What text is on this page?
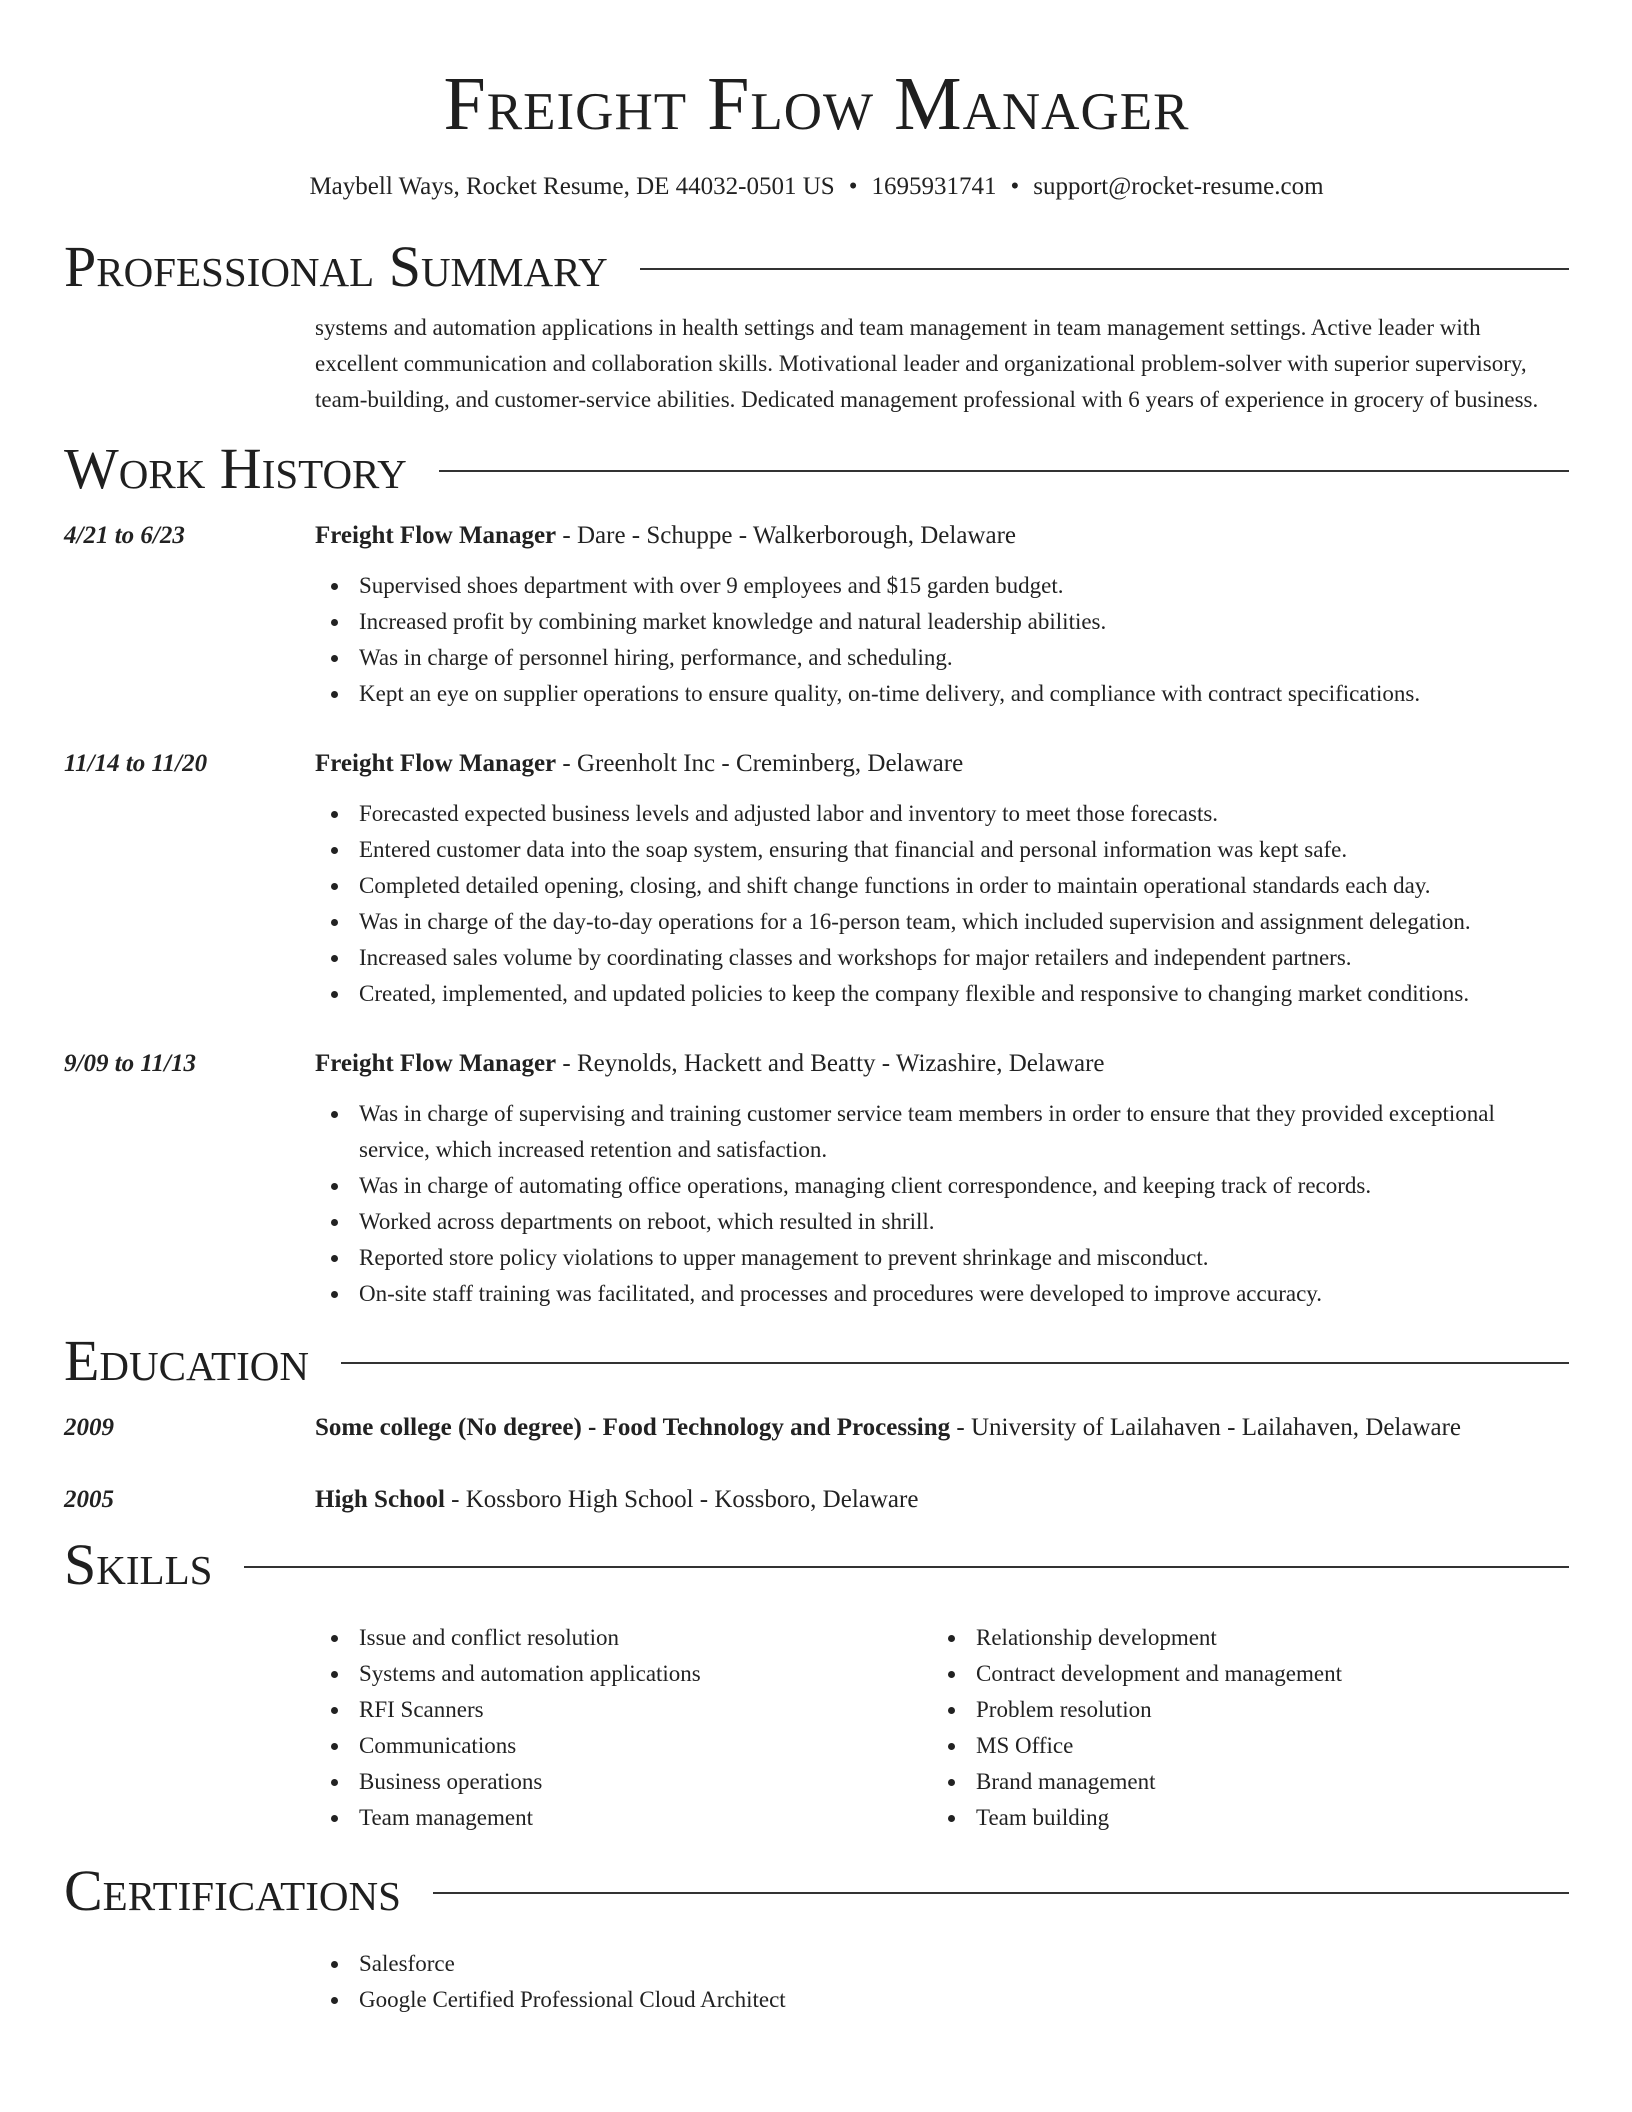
Freight Flow Manager
Maybell Ways, Rocket Resume, DE 44032-0501 US • 1695931741 • support@rocket-resume.com
Professional Summary
systems and automation applications in health settings and team management in team management settings. Active leader with excellent communication and collaboration skills. Motivational leader and organizational problem-solver with superior supervisory, team-building, and customer-service abilities. Dedicated management professional with 6 years of experience in grocery of business.
Work History
4/21 to 6/23	Freight Flow Manager - Dare - Schuppe - Walkerborough, Delaware
Supervised shoes department with over 9 employees and $15 garden budget.
Increased profit by combining market knowledge and natural leadership abilities.
Was in charge of personnel hiring, performance, and scheduling.
Kept an eye on supplier operations to ensure quality, on-time delivery, and compliance with contract specifications.
11/14 to 11/20	Freight Flow Manager - Greenholt Inc - Creminberg, Delaware
Forecasted expected business levels and adjusted labor and inventory to meet those forecasts.
Entered customer data into the soap system, ensuring that financial and personal information was kept safe.
Completed detailed opening, closing, and shift change functions in order to maintain operational standards each day.
Was in charge of the day-to-day operations for a 16-person team, which included supervision and assignment delegation.
Increased sales volume by coordinating classes and workshops for major retailers and independent partners.
Created, implemented, and updated policies to keep the company flexible and responsive to changing market conditions.
9/09 to 11/13	Freight Flow Manager - Reynolds, Hackett and Beatty - Wizashire, Delaware
Was in charge of supervising and training customer service team members in order to ensure that they provided exceptional service, which increased retention and satisfaction.
Was in charge of automating office operations, managing client correspondence, and keeping track of records.
Worked across departments on reboot, which resulted in shrill.
Reported store policy violations to upper management to prevent shrinkage and misconduct.
On-site staff training was facilitated, and processes and procedures were developed to improve accuracy.
Education
2009	Some college (No degree) - Food Technology and Processing - University of Lailahaven - Lailahaven, Delaware
2005	High School - Kossboro High School - Kossboro, Delaware
Skills
Issue and conflict resolution
Systems and automation applications
RFI Scanners
Communications
Business operations
Team management
Relationship development
Contract development and management
Problem resolution
MS Office
Brand management
Team building
Certifications
Salesforce
Google Certified Professional Cloud Architect
